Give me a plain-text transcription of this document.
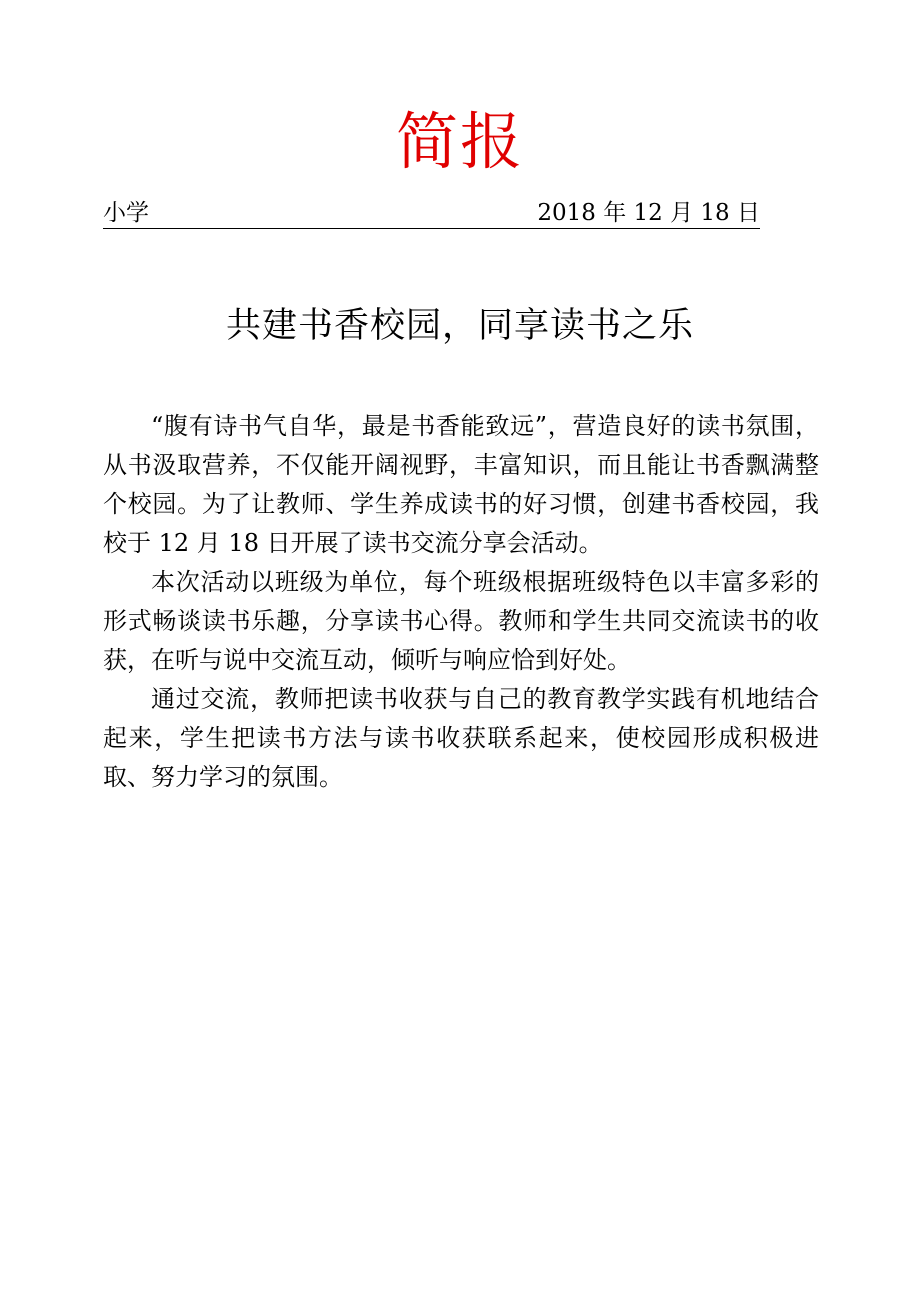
简报
小学	2018 年 12 月 18 日
共建书香校园，同享读书之乐

“腹有诗书气自华，最是书香能致远”，营造良好的读书氛围，从书汲取营养，不仅能开阔视野，丰富知识，而且能让书香飘满整个校园。为了让教师、学生养成读书的好习惯，创建书香校园，我校于 12 月 18 日开展了读书交流分享会活动。

本次活动以班级为单位，每个班级根据班级特色以丰富多彩的形式畅谈读书乐趣，分享读书心得。教师和学生共同交流读书的收获，在听与说中交流互动，倾听与响应恰到好处。

通过交流，教师把读书收获与自己的教育教学实践有机地结合起来，学生把读书方法与读书收获联系起来，使校园形成积极进取、努力学习的氛围。
